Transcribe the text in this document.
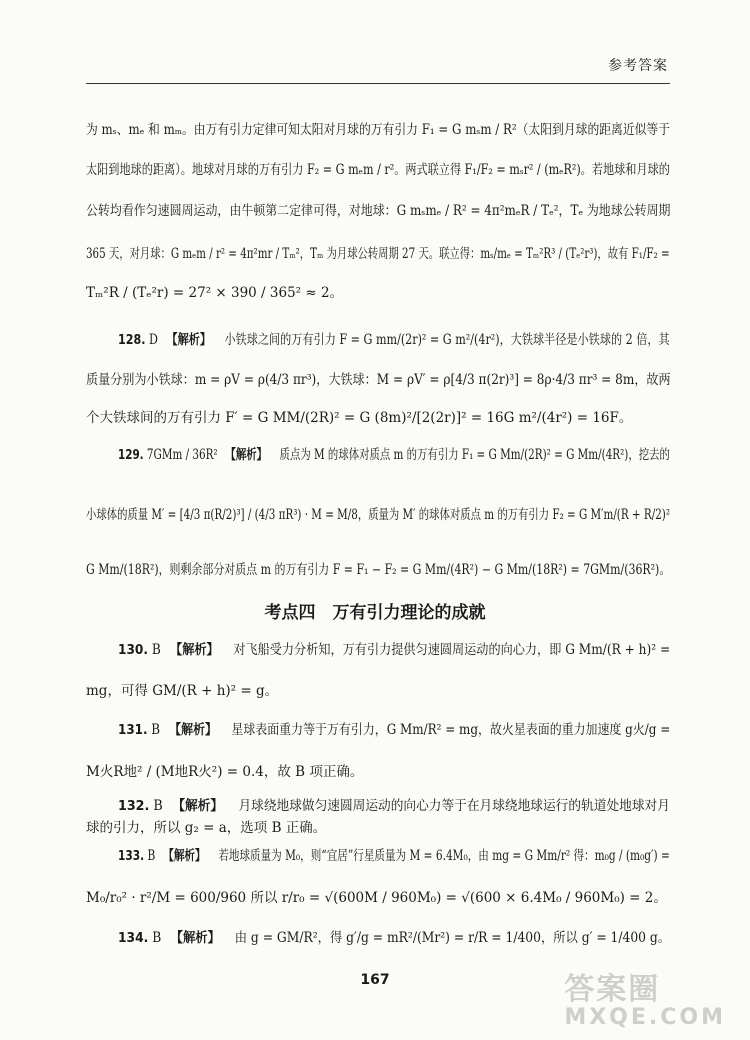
参考答案
为 mₛ、mₑ 和 mₘ。由万有引力定律可知太阳对月球的万有引力 F₁ = G mₛm / R²（太阳到月球的距离近似等于
太阳到地球的距离）。地球对月球的万有引力 F₂ = G mₑm / r²。两式联立得 F₁/F₂ = mₛr² / (mₑR²)。若地球和月球的
公转均看作匀速圆周运动，由牛顿第二定律可得，对地球：G mₛmₑ / R² = 4π²mₑR / Tₑ²，Tₑ 为地球公转周期
365 天，对月球：G mₑm / r² = 4π²mr / Tₘ²，Tₘ 为月球公转周期 27 天。联立得：mₛ/mₑ = Tₘ²R³ / (Tₑ²r³)，故有 F₁/F₂ =
Tₘ²R / (Tₑ²r) = 27² × 390 / 365² ≈ 2。
128. D 【解析】 小铁球之间的万有引力 F = G mm/(2r)² = G m²/(4r²)，大铁球半径是小铁球的 2 倍，其
质量分别为小铁球：m = ρV = ρ(4/3 πr³)，大铁球：M = ρV′ = ρ[4/3 π(2r)³] = 8ρ·4/3 πr³ = 8m，故两
个大铁球间的万有引力 F′ = G MM/(2R)² = G (8m)²/[2(2r)]² = 16G m²/(4r²) = 16F。
129. 7GMm / 36R² 【解析】 质点为 M 的球体对质点 m 的万有引力 F₁ = G Mm/(2R)² = G Mm/(4R²)，挖去的
小球体的质量 M′ = [4/3 π(R/2)³] / (4/3 πR³) · M = M/8，质量为 M′ 的球体对质点 m 的万有引力 F₂ = G M′m/(R + R/2)²
G Mm/(18R²)，则剩余部分对质点 m 的万有引力 F = F₁ − F₂ = G Mm/(4R²) − G Mm/(18R²) = 7GMm/(36R²)。
考点四　万有引力理论的成就
130. B 【解析】 对飞船受力分析知，万有引力提供匀速圆周运动的向心力，即 G Mm/(R + h)² =
mg，可得 GM/(R + h)² = g。
131. B 【解析】 星球表面重力等于万有引力，G Mm/R² = mg，故火星表面的重力加速度 g火/g =
M火R地² / (M地R火²) = 0.4，故 B 项正确。
132. B 【解析】 月球绕地球做匀速圆周运动的向心力等于在月球绕地球运行的轨道处地球对月
球的引力，所以 g₂ = a，选项 B 正确。
133. B 【解析】 若地球质量为 M₀，则“宜居”行星质量为 M = 6.4M₀，由 mg = G Mm/r² 得：m₀g / (m₀g′) =
M₀/r₀² · r²/M = 600/960 所以 r/r₀ = √(600M / 960M₀) = √(600 × 6.4M₀ / 960M₀) = 2。
134. B 【解析】 由 g = GM/R²，得 g′/g = mR²/(Mr²) = r/R = 1/400，所以 g′ = 1/400 g。
167	答案圈
MXQE.COM
